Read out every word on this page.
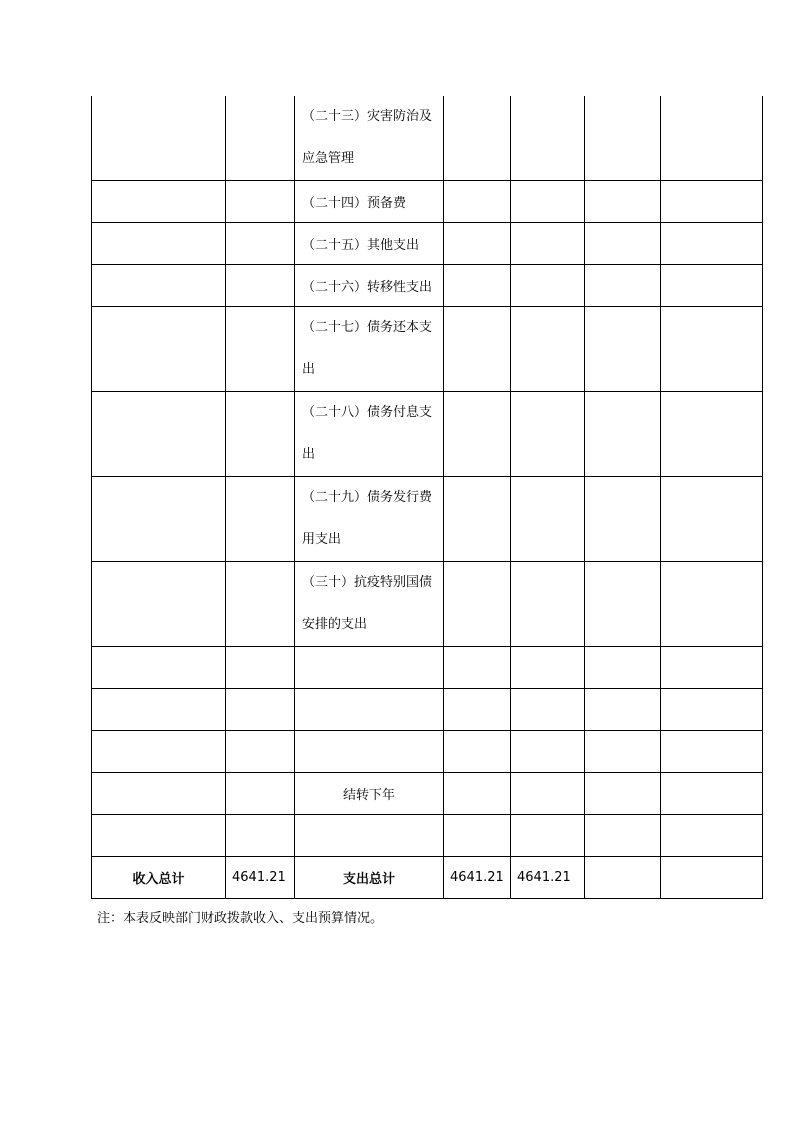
		（二十三）灾害防治及应急管理				
		（二十四）预备费				
		（二十五）其他支出				
		（二十六）转移性支出				
		（二十七）债务还本支出				
		（二十八）债务付息支出				
		（二十九）债务发行费用支出				
		（三十）抗疫特别国债安排的支出				

		结转下年				

收入总计	4641.21	支出总计	4641.21	4641.21		
注：本表反映部门财政拨款收入、支出预算情况。
